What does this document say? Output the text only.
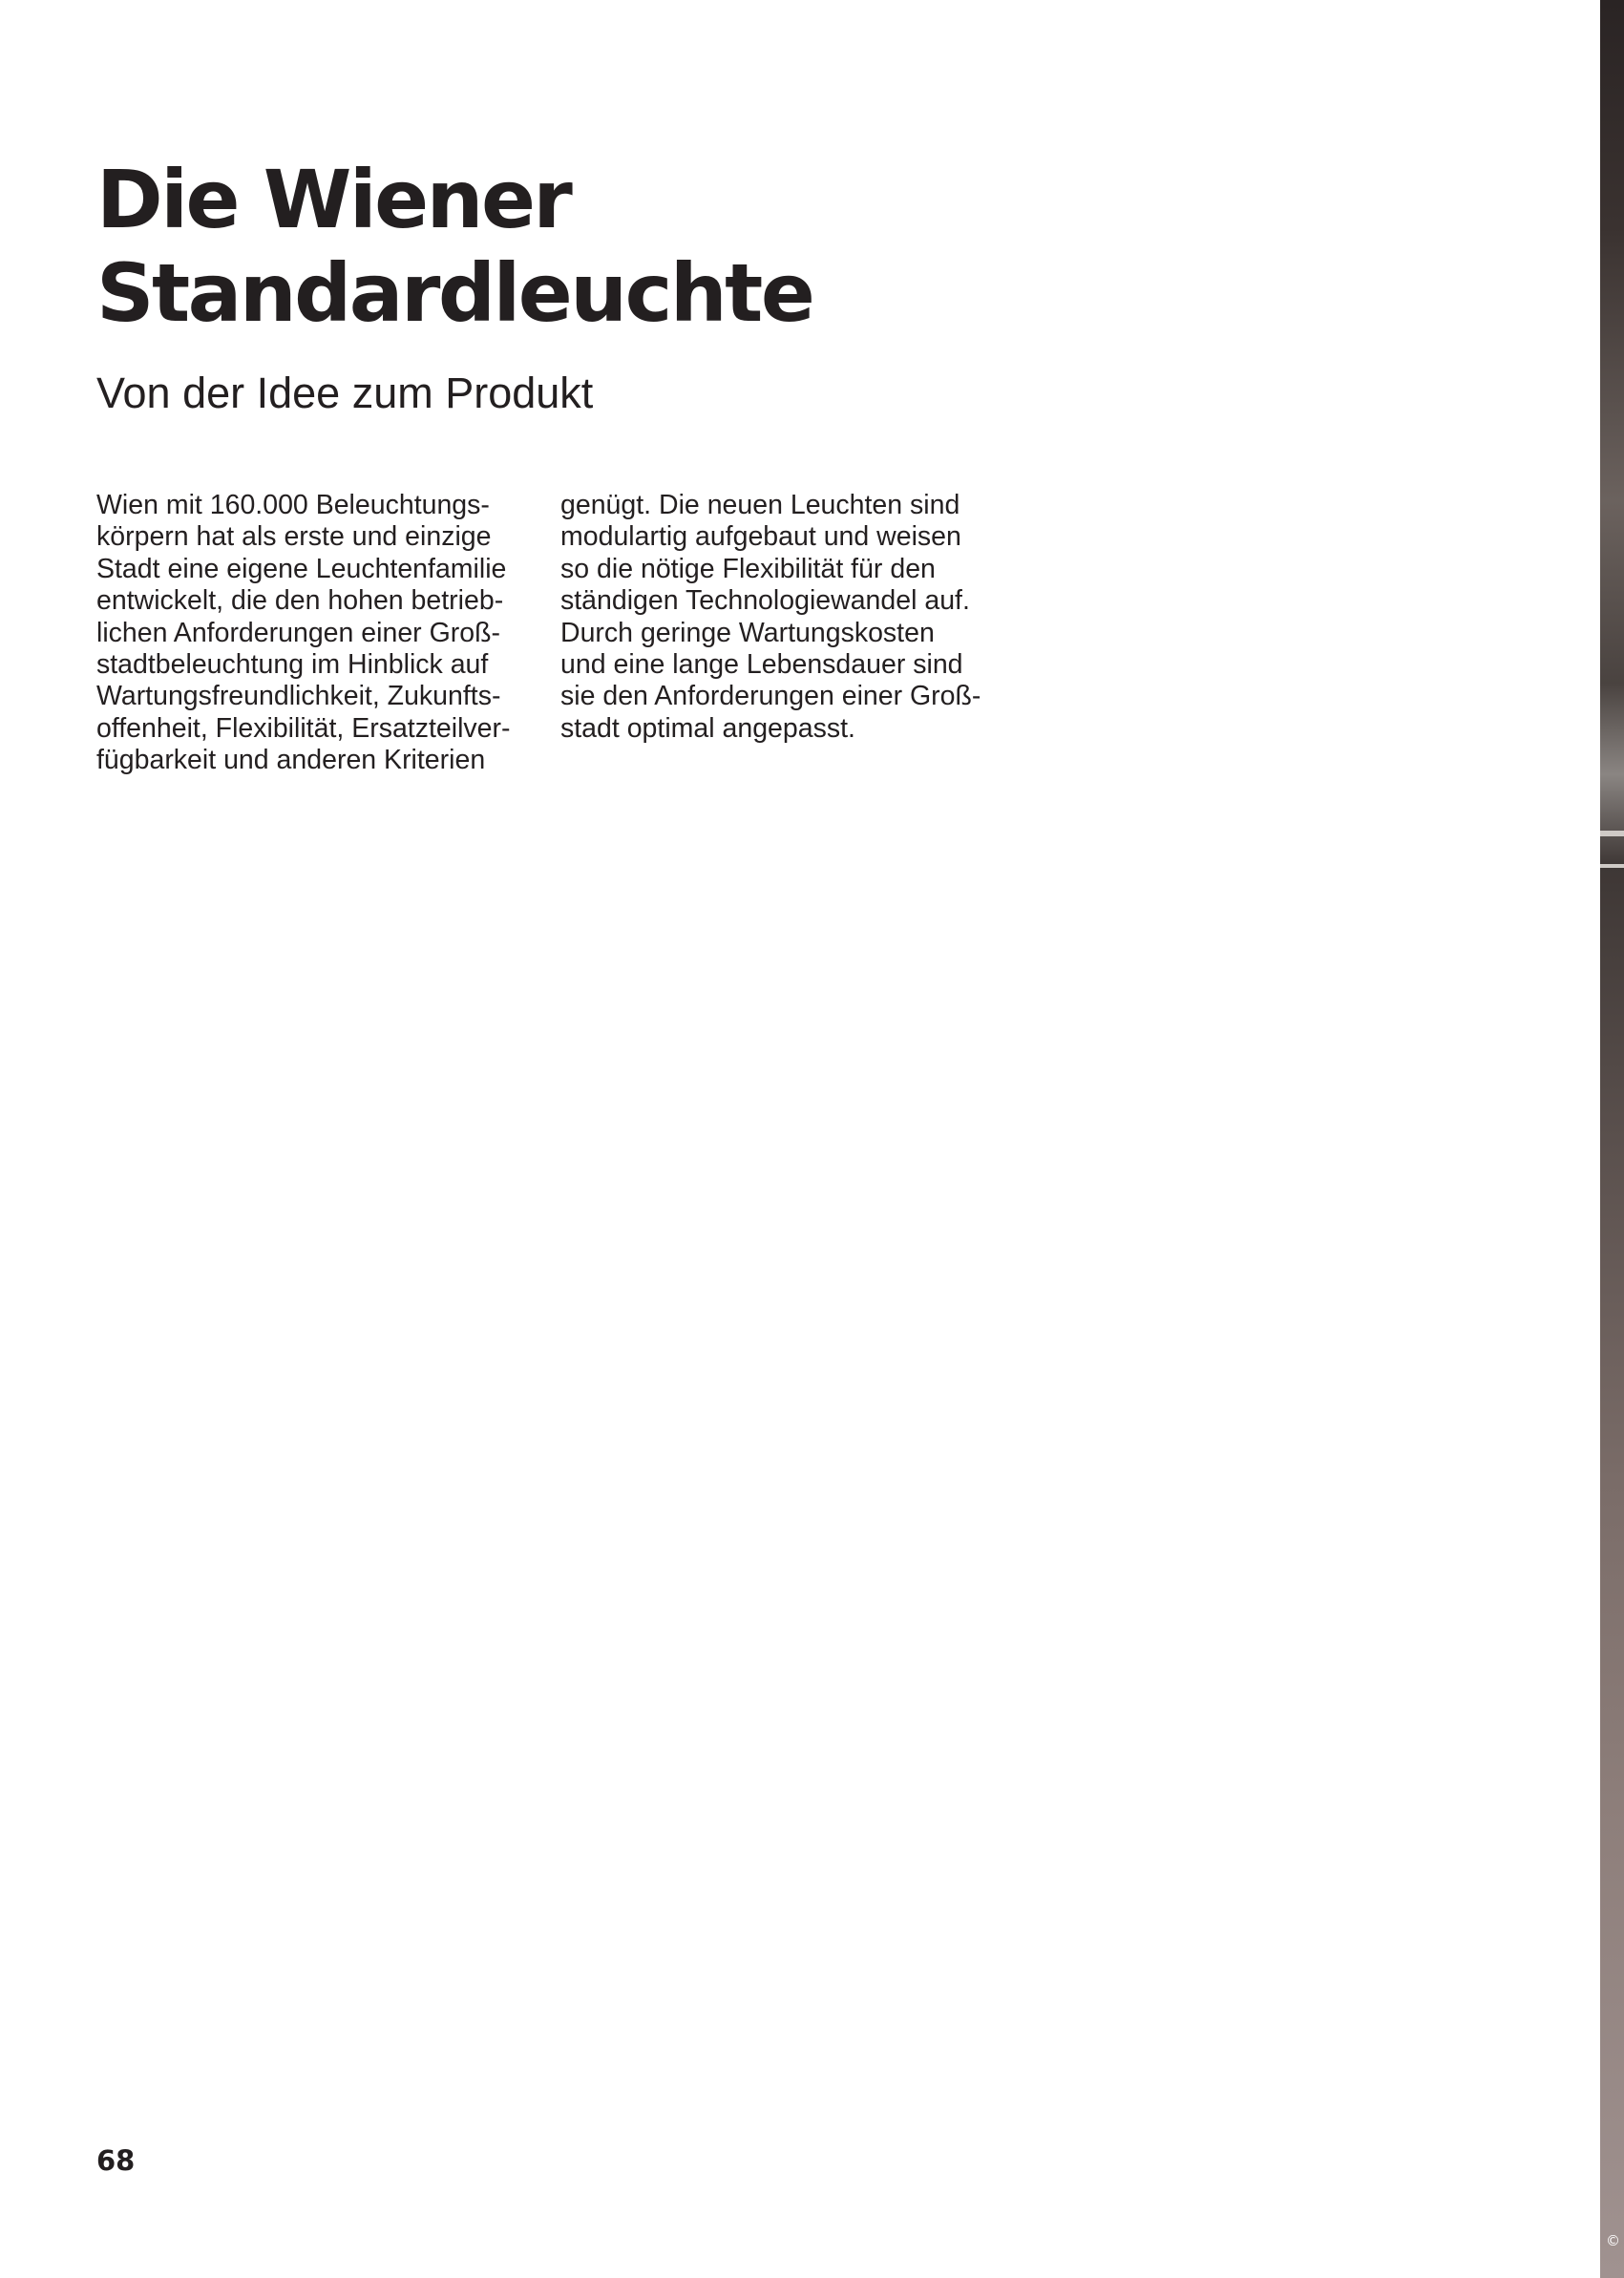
Die Wiener
Standardleuchte
Von der Idee zum Produkt
Wien mit 160.000 Beleuchtungs-
körpern hat als erste und einzige
Stadt eine eigene Leuchtenfamilie
entwickelt, die den hohen betrieb-
lichen Anforderungen einer Groß-
stadtbeleuchtung im Hinblick auf
Wartungsfreundlichkeit, Zukunfts-
offenheit, Flexibilität, Ersatzteilver-
fügbarkeit und anderen Kriterien
genügt. Die neuen Leuchten sind
modulartig aufgebaut und weisen
so die nötige Flexibilität für den
ständigen Technologiewandel auf.
Durch geringe Wartungskosten
und eine lange Lebensdauer sind
sie den Anforderungen einer Groß-
stadt optimal angepasst.
68
©
